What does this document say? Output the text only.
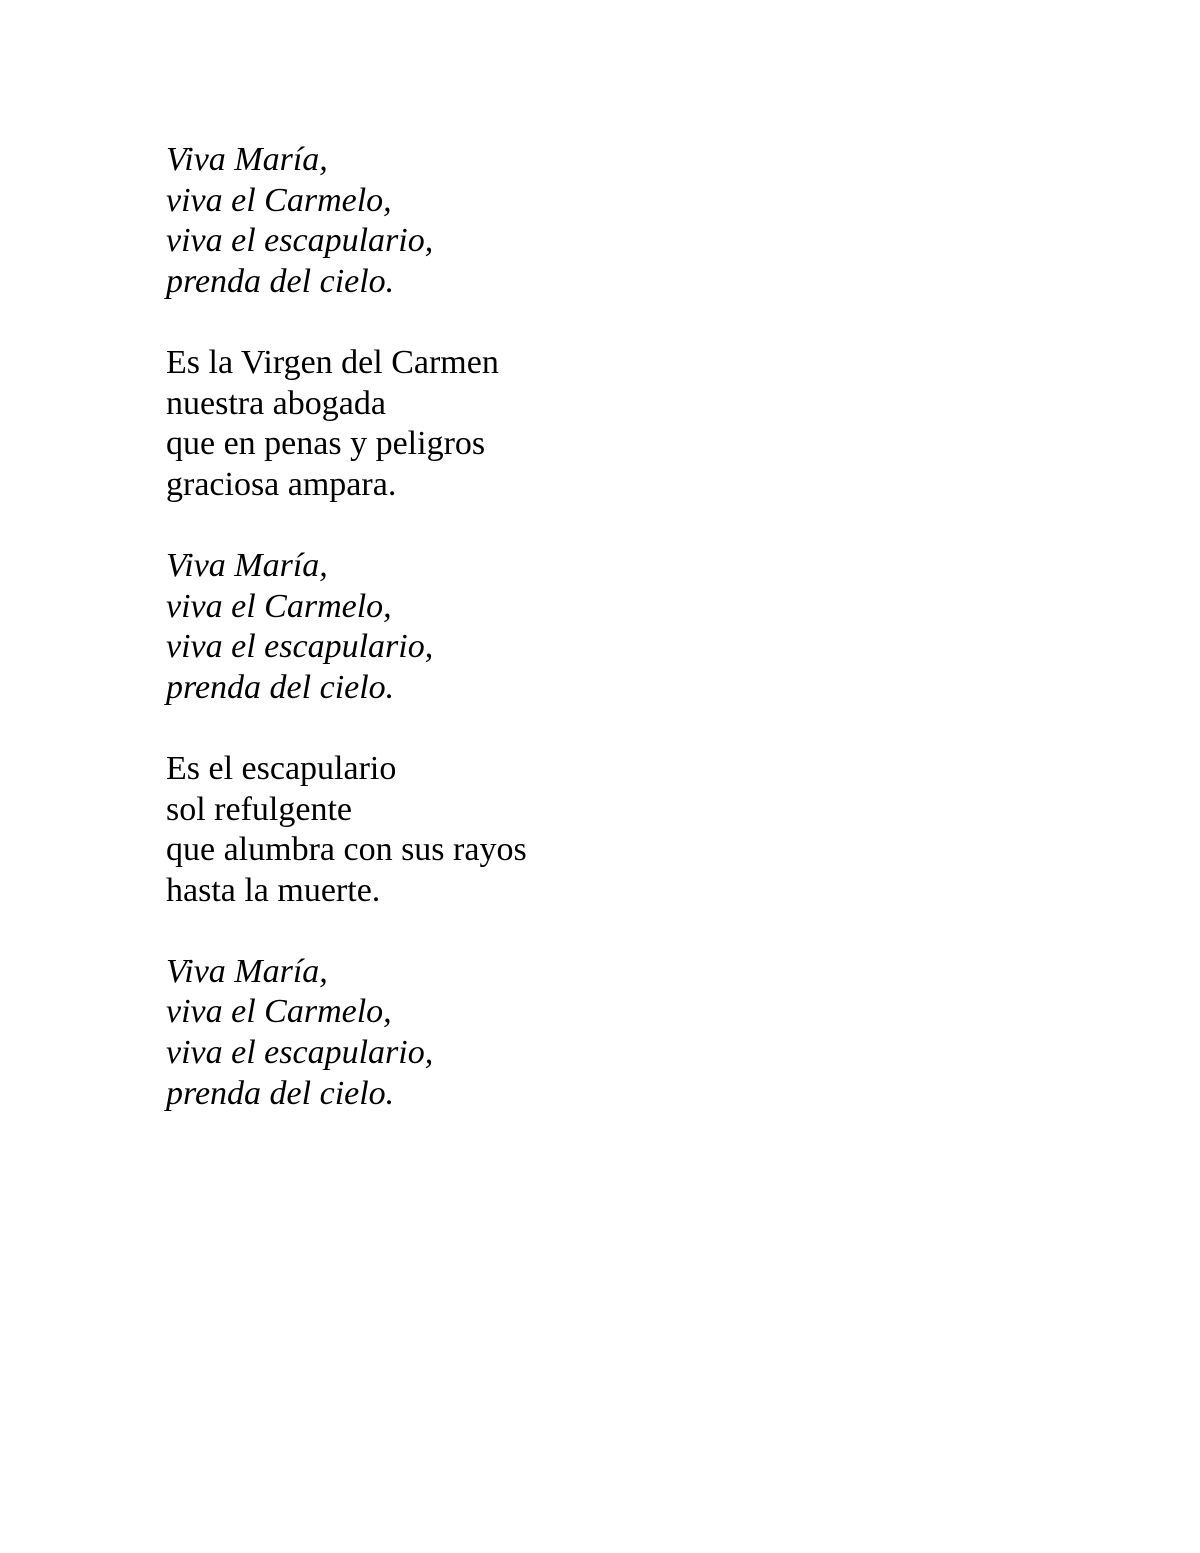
Viva María,
viva el Carmelo,
viva el escapulario,
prenda del cielo.
Es la Virgen del Carmen
nuestra abogada
que en penas y peligros
graciosa ampara.
Viva María,
viva el Carmelo,
viva el escapulario,
prenda del cielo.
Es el escapulario
sol refulgente
que alumbra con sus rayos
hasta la muerte.
Viva María,
viva el Carmelo,
viva el escapulario,
prenda del cielo.
